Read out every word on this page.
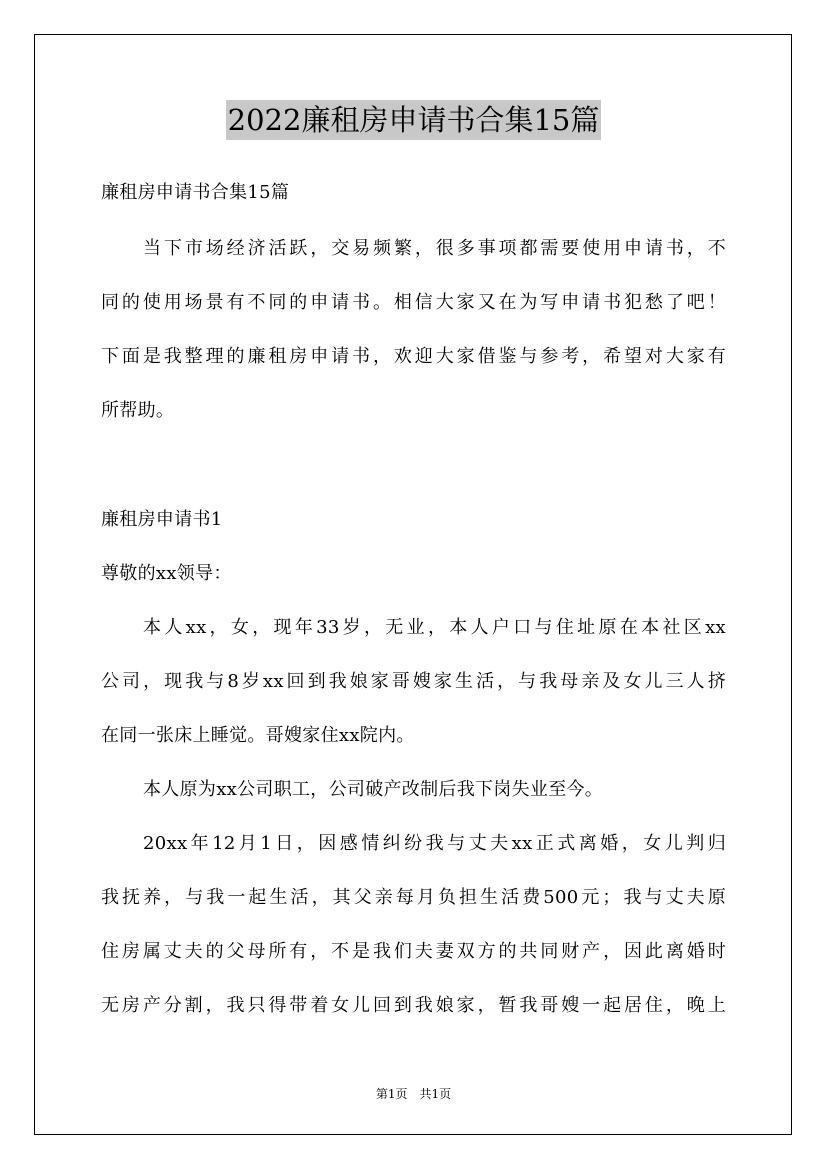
2022廉租房申请书合集15篇
廉租房申请书合集15篇
当下市场经济活跃，交易频繁，很多事项都需要使用申请书，不
同的使用场景有不同的申请书。相信大家又在为写申请书犯愁了吧！
下面是我整理的廉租房申请书，欢迎大家借鉴与参考，希望对大家有
所帮助。
廉租房申请书1
尊敬的xx领导：
本人xx，女，现年33岁，无业，本人户口与住址原在本社区xx
公司，现我与8岁xx回到我娘家哥嫂家生活，与我母亲及女儿三人挤
在同一张床上睡觉。哥嫂家住xx院内。
本人原为xx公司职工，公司破产改制后我下岗失业至今。
20xx年12月1日，因感情纠纷我与丈夫xx正式离婚，女儿判归
我抚养，与我一起生活，其父亲每月负担生活费500元；我与丈夫原
住房属丈夫的父母所有，不是我们夫妻双方的共同财产，因此离婚时
无房产分割，我只得带着女儿回到我娘家，暂我哥嫂一起居住，晚上
第1页　共1页
